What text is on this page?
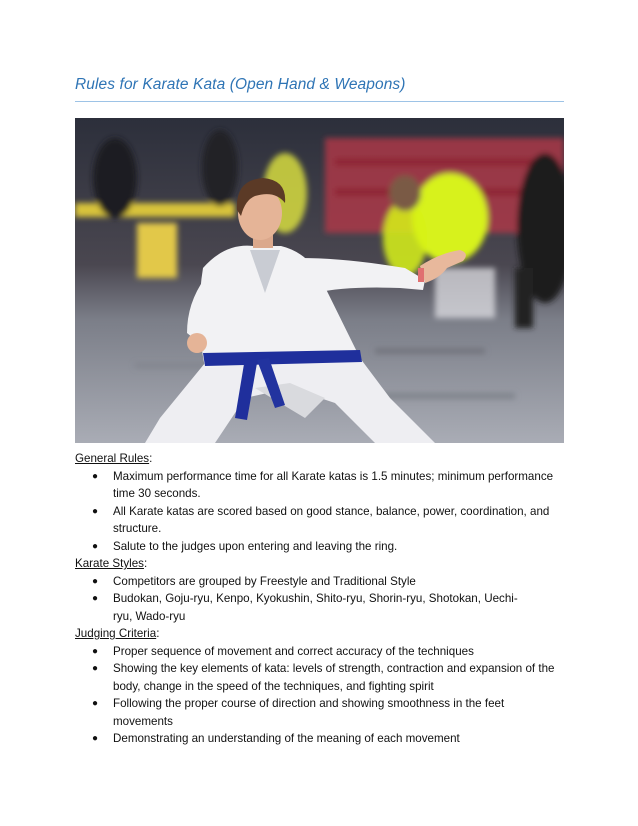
Rules for Karate Kata (Open Hand & Weapons)
General Rules:
● Maximum performance time for all Karate katas is 1.5 minutes; minimum performance
time 30 seconds.
● All Karate katas are scored based on good stance, balance, power, coordination, and
structure.
● Salute to the judges upon entering and leaving the ring.
Karate Styles:
● Competitors are grouped by Freestyle and Traditional Style
● Budokan, Goju-ryu, Kenpo, Kyokushin, Shito-ryu, Shorin-ryu, Shotokan, Uechi-
ryu, Wado-ryu
Judging Criteria:
● Proper sequence of movement and correct accuracy of the techniques
● Showing the key elements of kata: levels of strength, contraction and expansion of the
body, change in the speed of the techniques, and fighting spirit
● Following the proper course of direction and showing smoothness in the feet
movements
● Demonstrating an understanding of the meaning of each movement
